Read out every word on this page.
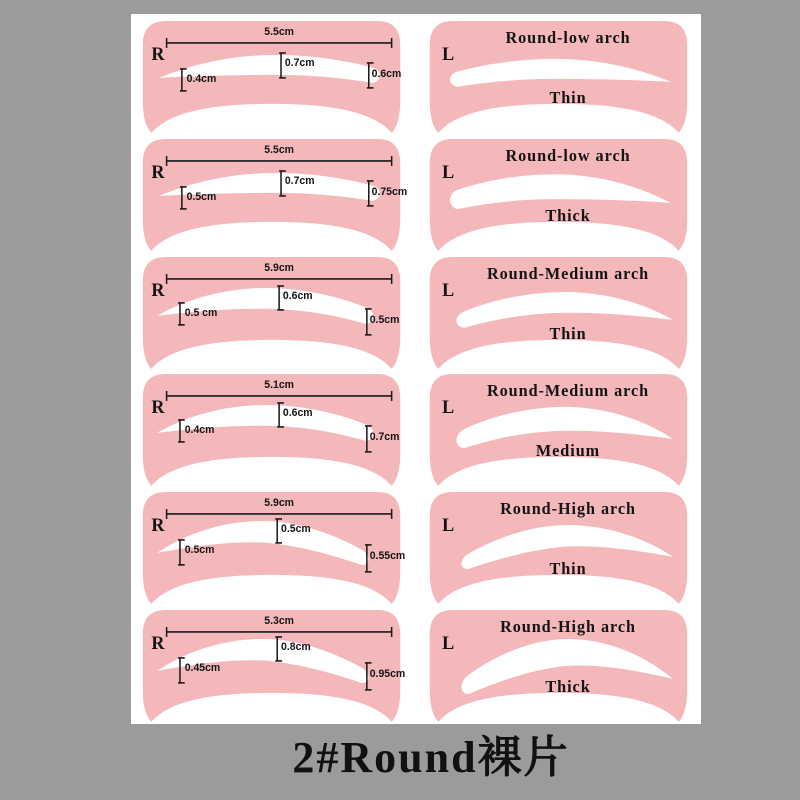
5.5cm
0.4cm
0.7cm
0.6cm
R	L
Round-low arch
Thin
5.5cm
0.5cm
0.7cm
0.75cm
R	L
Round-low arch
Thick
5.9cm
0.5 cm
0.6cm
0.5cm
R	L
Round-Medium arch
Thin
5.1cm
0.4cm
0.6cm
0.7cm
R	L
Round-Medium arch
Medium
5.9cm
0.5cm
0.5cm
0.55cm
R	L
Round-High arch
Thin
5.3cm
0.45cm
0.8cm
0.95cm
R	L
Round-High arch
Thick
2#Round裸片
